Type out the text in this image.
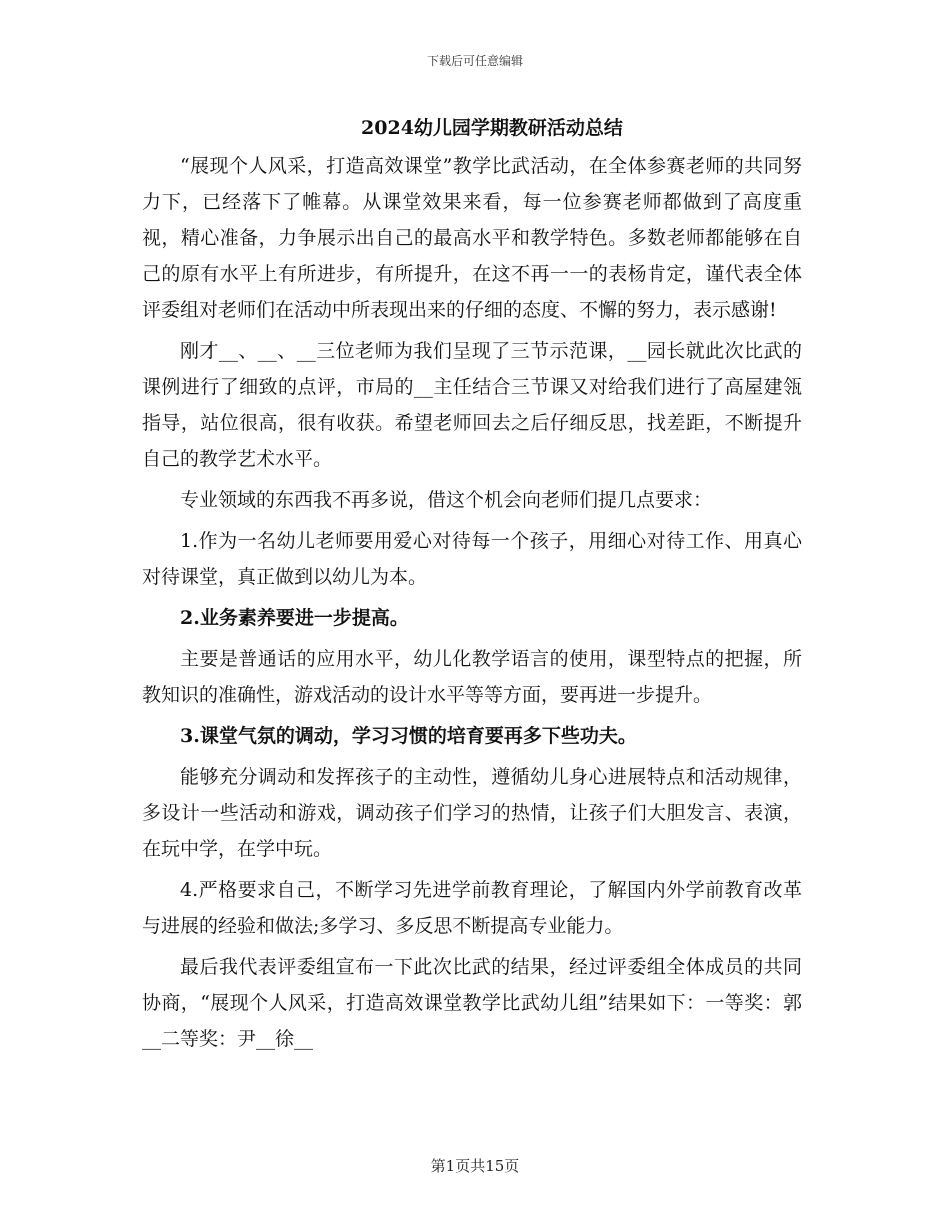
下载后可任意编辑
2024幼儿园学期教研活动总结

“展现个人风采，打造高效课堂”教学比武活动，在全体参赛老师的共同努力下，已经落下了帷幕。从课堂效果来看，每一位参赛老师都做到了高度重视，精心准备，力争展示出自己的最高水平和教学特色。多数老师都能够在自己的原有水平上有所进步，有所提升，在这不再一一的表杨肯定，谨代表全体评委组对老师们在活动中所表现出来的仔细的态度、不懈的努力，表示感谢!

刚才__、__、__三位老师为我们呈现了三节示范课，__园长就此次比武的课例进行了细致的点评，市局的__主任结合三节课又对给我们进行了高屋建瓴指导，站位很高，很有收获。希望老师回去之后仔细反思，找差距，不断提升自己的教学艺术水平。

专业领域的东西我不再多说，借这个机会向老师们提几点要求：

1.作为一名幼儿老师要用爱心对待每一个孩子，用细心对待工作、用真心对待课堂，真正做到以幼儿为本。

2.业务素养要进一步提高。

主要是普通话的应用水平，幼儿化教学语言的使用，课型特点的把握，所教知识的准确性，游戏活动的设计水平等等方面，要再进一步提升。

3.课堂气氛的调动，学习习惯的培育要再多下些功夫。

能够充分调动和发挥孩子的主动性，遵循幼儿身心进展特点和活动规律，多设计一些活动和游戏，调动孩子们学习的热情，让孩子们大胆发言、表演，在玩中学，在学中玩。

4.严格要求自己，不断学习先进学前教育理论，了解国内外学前教育改革与进展的经验和做法;多学习、多反思不断提高专业能力。

最后我代表评委组宣布一下此次比武的结果，经过评委组全体成员的共同协商，“展现个人风采，打造高效课堂教学比武幼儿组”结果如下：一等奖：郭__二等奖：尹__徐__

第1页共15页
